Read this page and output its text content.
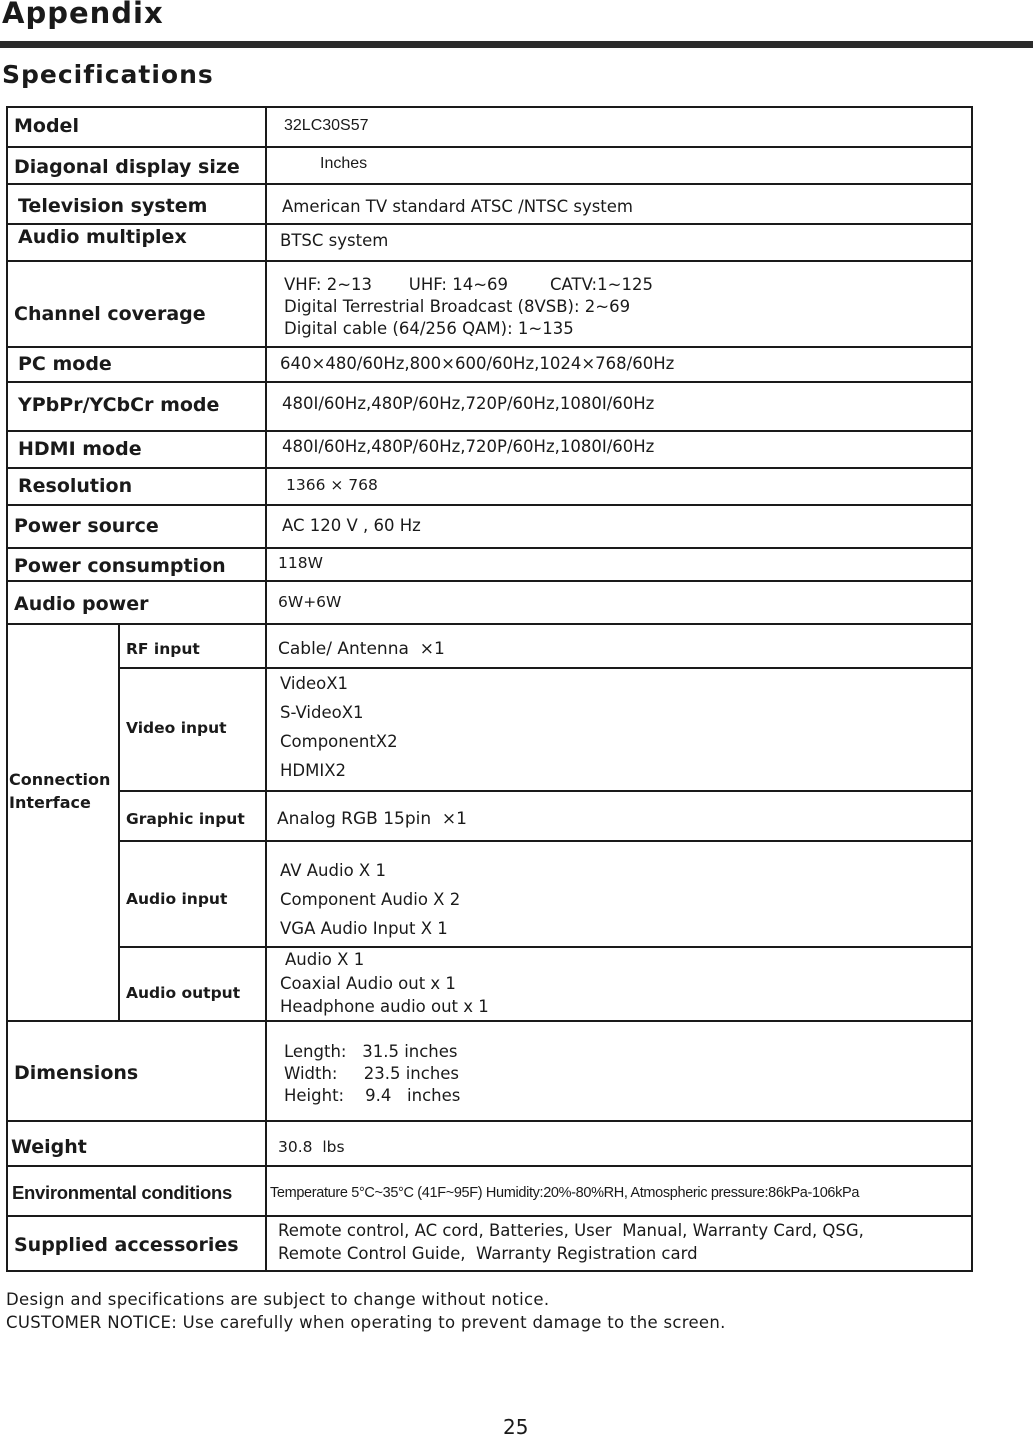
Appendix
Specifications
Model
Diagonal display size
Television system
Audio multiplex
Channel coverage
PC mode
YPbPr/YCbCr mode
HDMI mode
Resolution
Power source
Power consumption
Audio power
Connection
Interface
RF input
Video input
Graphic input
Audio input
Audio output
Dimensions
Weight
Environmental conditions
Supplied accessories
32LC30S57
Inches
American TV standard ATSC /NTSC system
BTSC system
VHF: 2~13       UHF: 14~69        CATV:1~125
Digital Terrestrial Broadcast (8VSB): 2~69
Digital cable (64/256 QAM): 1~135
640×480/60Hz,800×600/60Hz,1024×768/60Hz
480I/60Hz,480P/60Hz,720P/60Hz,1080I/60Hz
480I/60Hz,480P/60Hz,720P/60Hz,1080I/60Hz
1366 × 768
AC 120 V , 60 Hz
118W
6W+6W
Cable/ Antenna  ×1
VideoX1
S-VideoX1
ComponentX2
HDMIX2
Analog RGB 15pin  ×1
AV Audio X 1
Component Audio X 2
VGA Audio Input X 1
Audio X 1
Coaxial Audio out x 1
Headphone audio out x 1
Length:   31.5 inches
Width:     23.5 inches
Height:    9.4   inches
30.8  lbs
Temperature 5°C~35°C (41F~95F) Humidity:20%-80%RH, Atmospheric pressure:86kPa-106kPa
Remote control, AC cord, Batteries, User  Manual, Warranty Card, QSG,
Remote Control Guide,  Warranty Registration card
Design and specifications are subject to change without notice.
CUSTOMER NOTICE: Use carefully when operating to prevent damage to the screen.
25
